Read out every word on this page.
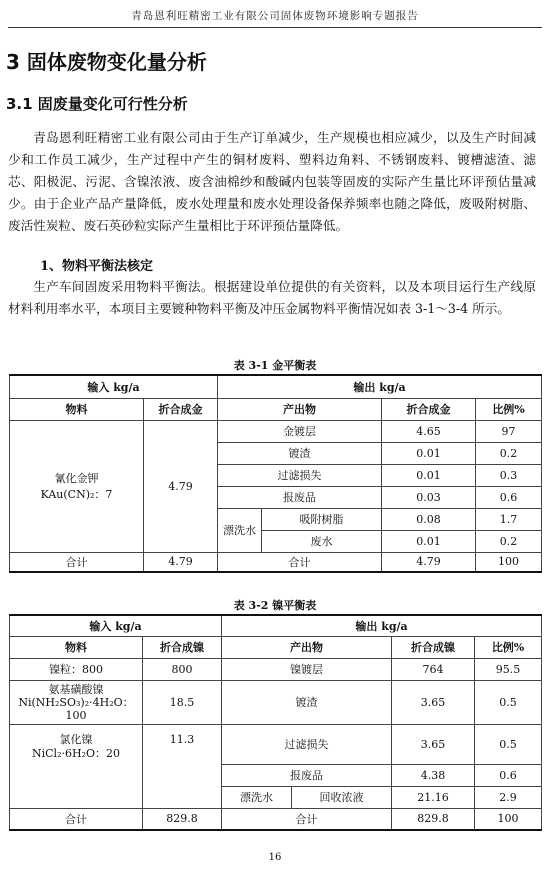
青岛恩利旺精密工业有限公司固体废物环境影响专题报告
3 固体废物变化量分析
3.1 固废量变化可行性分析

青岛恩利旺精密工业有限公司由于生产订单减少，生产规模也相应减少，以及生产时间减少和工作员工减少，生产过程中产生的铜材废料、塑料边角料、不锈钢废料、镀槽滤渣、滤芯、阳极泥、污泥、含镍浓液、废含油棉纱和酸碱内包装等固废的实际产生量比环评预估量减少。由于企业产品产量降低，废水处理量和废水处理设备保养频率也随之降低，废吸附树脂、废活性炭粒、废石英砂粒实际产生量相比于环评预估量降低。

1、物料平衡法核定

生产车间固废采用物料平衡法。根据建设单位提供的有关资料，以及本项目运行生产线原材料利用率水平，本项目主要镀种物料平衡及冲压金属物料平衡情况如表 3-1～3-4 所示。

表 3-1 金平衡表
输入 kg/a		输出 kg/a			
物料	折合成金	产出物		折合成金	比例%

氰化金钾
KAu(CN)₂：7	4.79	金镀层		4.65	97
		镀渣		0.01	0.2
		过滤损失		0.01	0.3
		报废品		0.03	0.6
		漂洗水	吸附树脂	0.08	1.7
			废水	0.01	0.2
合计	4.79	合计		4.79	100
表 3-2 镍平衡表
输入 kg/a		输出 kg/a			
物料	折合成镍	产出物		折合成镍	比例%
镍粒：800	800	镍镀层		764	95.5

氨基磺酸镍
Ni(NH₂SO₃)₂·4H₂O：
100	18.5	镀渣		3.65	0.5

氯化镍
NiCl₂·6H₂O：20	11.3	过滤损失		3.65	0.5
		报废品		4.38	0.6
		漂洗水	回收浓液	21.16	2.9
合计	829.8	合计		829.8	100
16
